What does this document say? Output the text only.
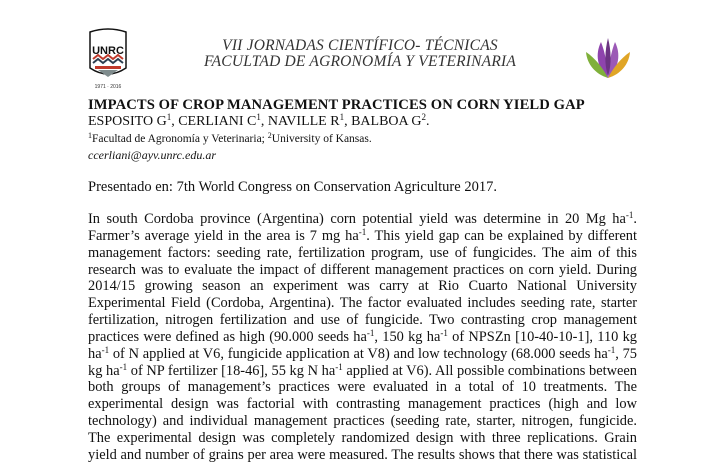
UNRC
1971 · 2016
VII JORNADAS CIENTÍFICO- TÉCNICAS
FACULTAD DE AGRONOMÍA Y VETERINARIA
IMPACTS OF CROP MANAGEMENT PRACTICES ON CORN YIELD GAP
ESPOSITO $G^1$, CERLIANI $C^1$, NAVILLE $R^1$, BALBOA $G^2$.
$^1$Facultad de Agronomía y Veterinaria; $^2$University of Kansas.
ccerliani@ayv.unrc.edu.ar
Presentado en: 7th World Congress on Conservation Agriculture 2017.
In south Cordoba province (Argentina) corn potential yield was determine in 20 Mg $ha^{-1}$.
Farmer’s average yield in the area is 7 mg $ha^{-1}$. This yield gap can be explained by different
management factors: seeding rate, fertilization program, use of fungicides. The aim of this
research was to evaluate the impact of different management practices on corn yield. During
2014/15 growing season an experiment was carry at Rio Cuarto National University
Experimental Field (Cordoba, Argentina). The factor evaluated includes seeding rate, starter
fertilization, nitrogen fertilization and use of fungicide. Two contrasting crop management
practices were defined as high (90.000 seeds $ha^{-1}$, 150 kg $ha^{-1}$ of NPSZn [10-40-10-1], 110 kg
$ha^{-1}$ of N applied at V6, fungicide application at V8) and low technology (68.000 seeds $ha^{-1}$, 75
kg $ha^{-1}$ of NP fertilizer [18-46], 55 kg N $ha^{-1}$ applied at V6). All possible combinations between
both groups of management’s practices were evaluated in a total of 10 treatments. The
experimental design was factorial with contrasting management practices (high and low
technology) and individual management practices (seeding rate, starter, nitrogen, fungicide.
The experimental design was completely randomized design with three replications. Grain
yield and number of grains per area were measured. The results shows that there was statistical
